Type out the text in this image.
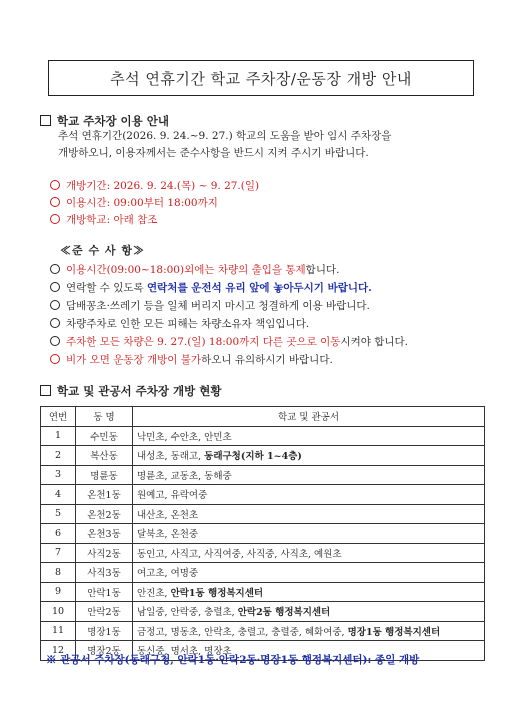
추석 연휴기간 학교 주차장/운동장 개방 안내
학교 주차장 이용 안내
추석 연휴기간(2026. 9. 24.~9. 27.) 학교의 도움을 받아 임시 주차장을
개방하오니, 이용자께서는 준수사항을 반드시 지켜 주시기 바랍니다.
개방기간: 2026. 9. 24.(목) ~ 9. 27.(일)
이용시간: 09:00부터 18:00까지
개방학교: 아래 참조
≪준 수 사 항≫
이용시간(09:00~18:00)외에는 차량의 출입을 통제합니다.
연락할 수 있도록 연락처를 운전석 유리 앞에 놓아두시기 바랍니다.
담배꽁초·쓰레기 등을 일체 버리지 마시고 청결하게 이용 바랍니다.
차량주차로 인한 모든 피해는 차량소유자 책임입니다.
주차한 모든 차량은 9. 27.(일) 18:00까지 다른 곳으로 이동시켜야 합니다.
비가 오면 운동장 개방이 불가하오니 유의하시기 바랍니다.
학교 및 관공서 주차장 개방 현황
연번	동 명	학교 및 관공서
1	수민동	낙민초, 수안초, 안민초
2	복산동	내성초, 동래고, 동래구청(지하 1~4층)
3	명륜동	명륜초, 교동초, 동해중
4	온천1동	원예고, 유락여중
5	온천2동	내산초, 온천초
6	온천3동	달북초, 온천중
7	사직2동	동인고, 사직고, 사직여중, 사직중, 사직초, 예원초
8	사직3동	여고초, 여명중
9	안락1동	안진초, 안락1동 행정복지센터
10	안락2동	남일중, 안락중, 충렬초, 안락2동 행정복지센터
11	명장1동	금정고, 명동초, 안락초, 충렬고, 충렬중, 혜화여중, 명장1동 행정복지센터
12	명장2동	동신중, 명서초, 명장초
※ 관공서 주차장(동래구청, 안락1동·안락2동·명장1동 행정복지센터): 종일 개방
